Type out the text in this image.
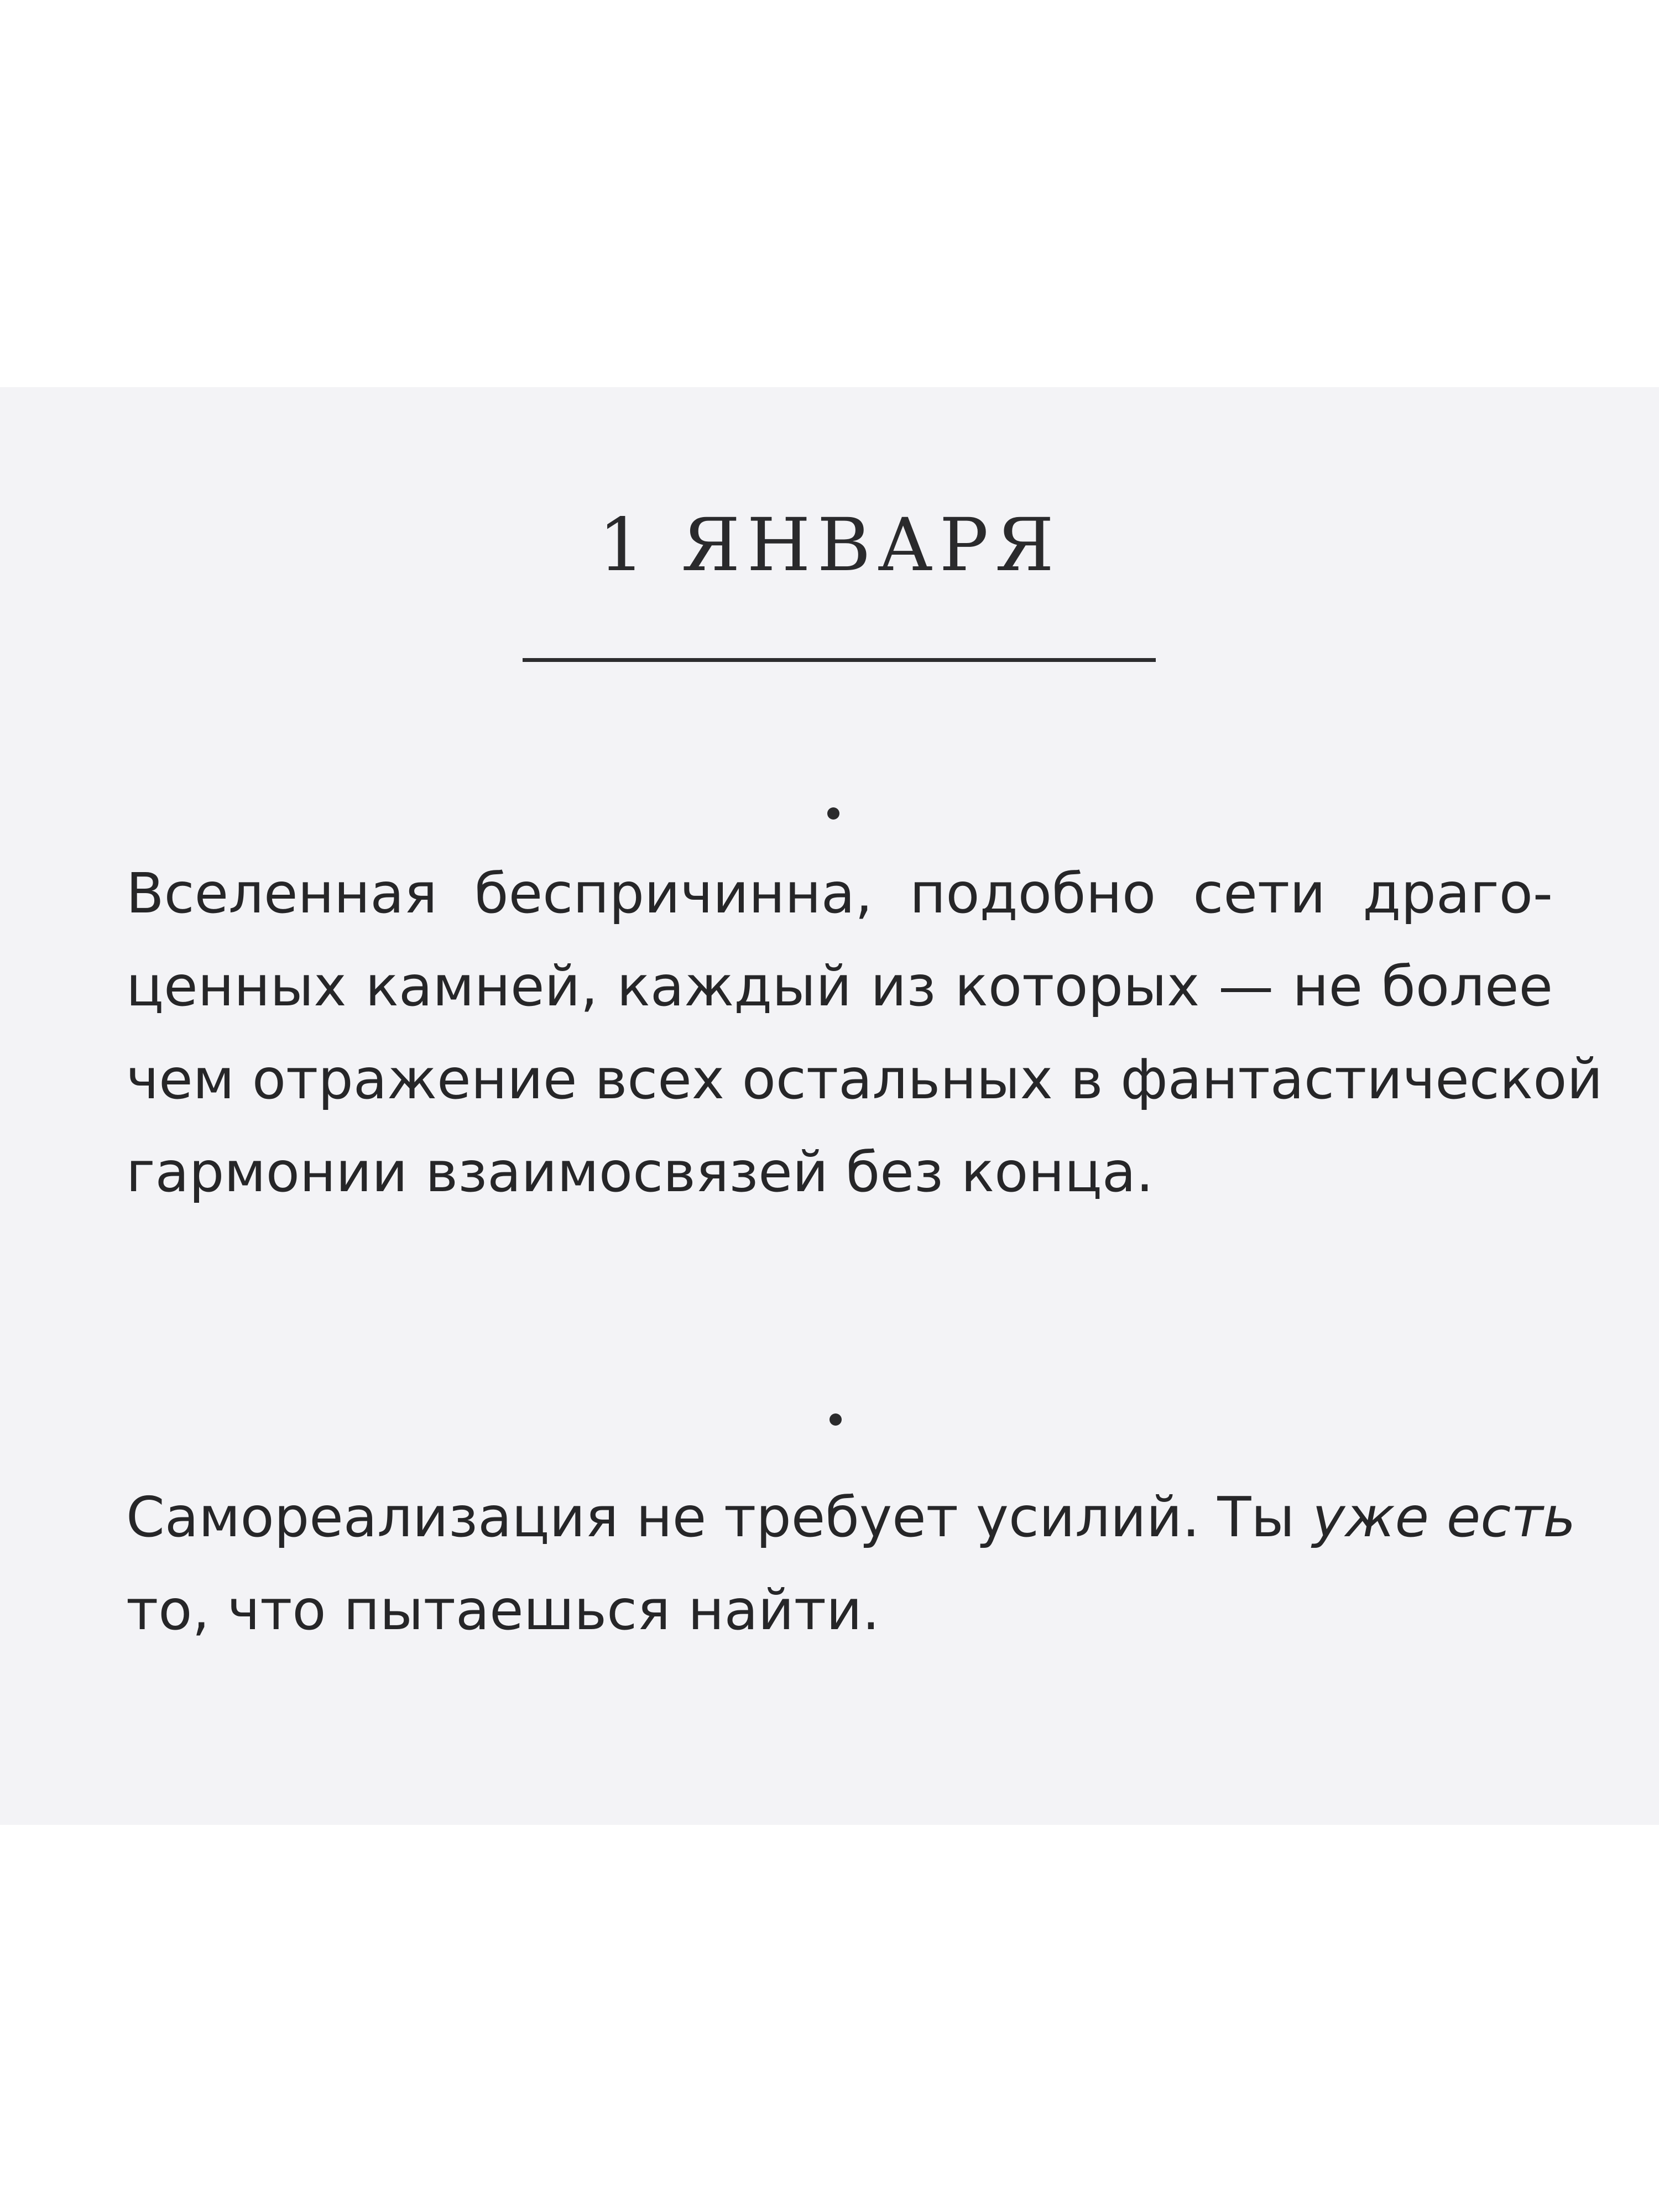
1 ЯНВАРЯ
Вселенная беспричинна, подобно сети драго-
ценных камней, каждый из которых — не более
чем отражение всех остальных в фантастической
гармонии взаимосвязей без конца.
Самореализация не требует усилий. Ты уже есть
то, что пытаешься найти.
